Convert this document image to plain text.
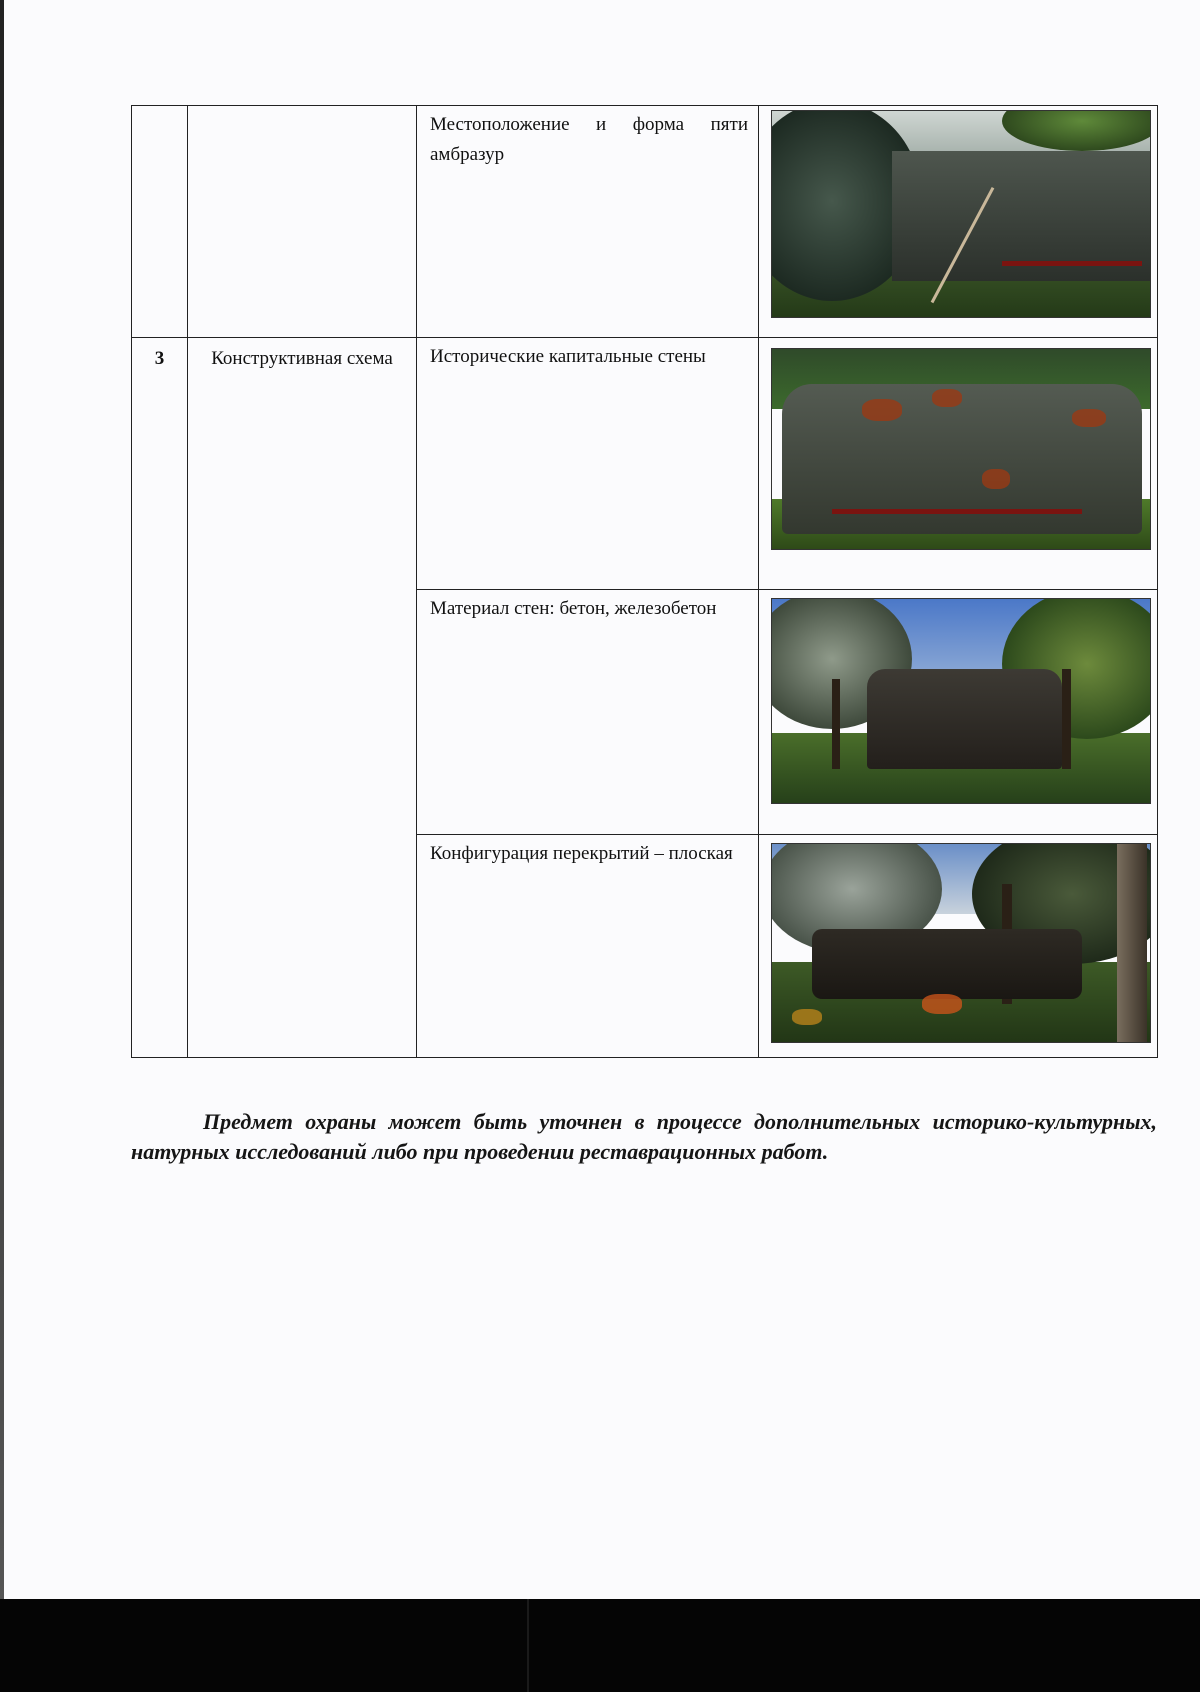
		Местоположение и форма пяти амбразур	

3	Конструктивная схема	Исторические капитальные стены	

		Материал стен: бетон, железобетон	

		Конфигурация перекрытий – плоская	

Предмет охраны может быть уточнен в процессе дополнительных историко-культурных, натурных исследований либо при проведении реставрационных работ.
